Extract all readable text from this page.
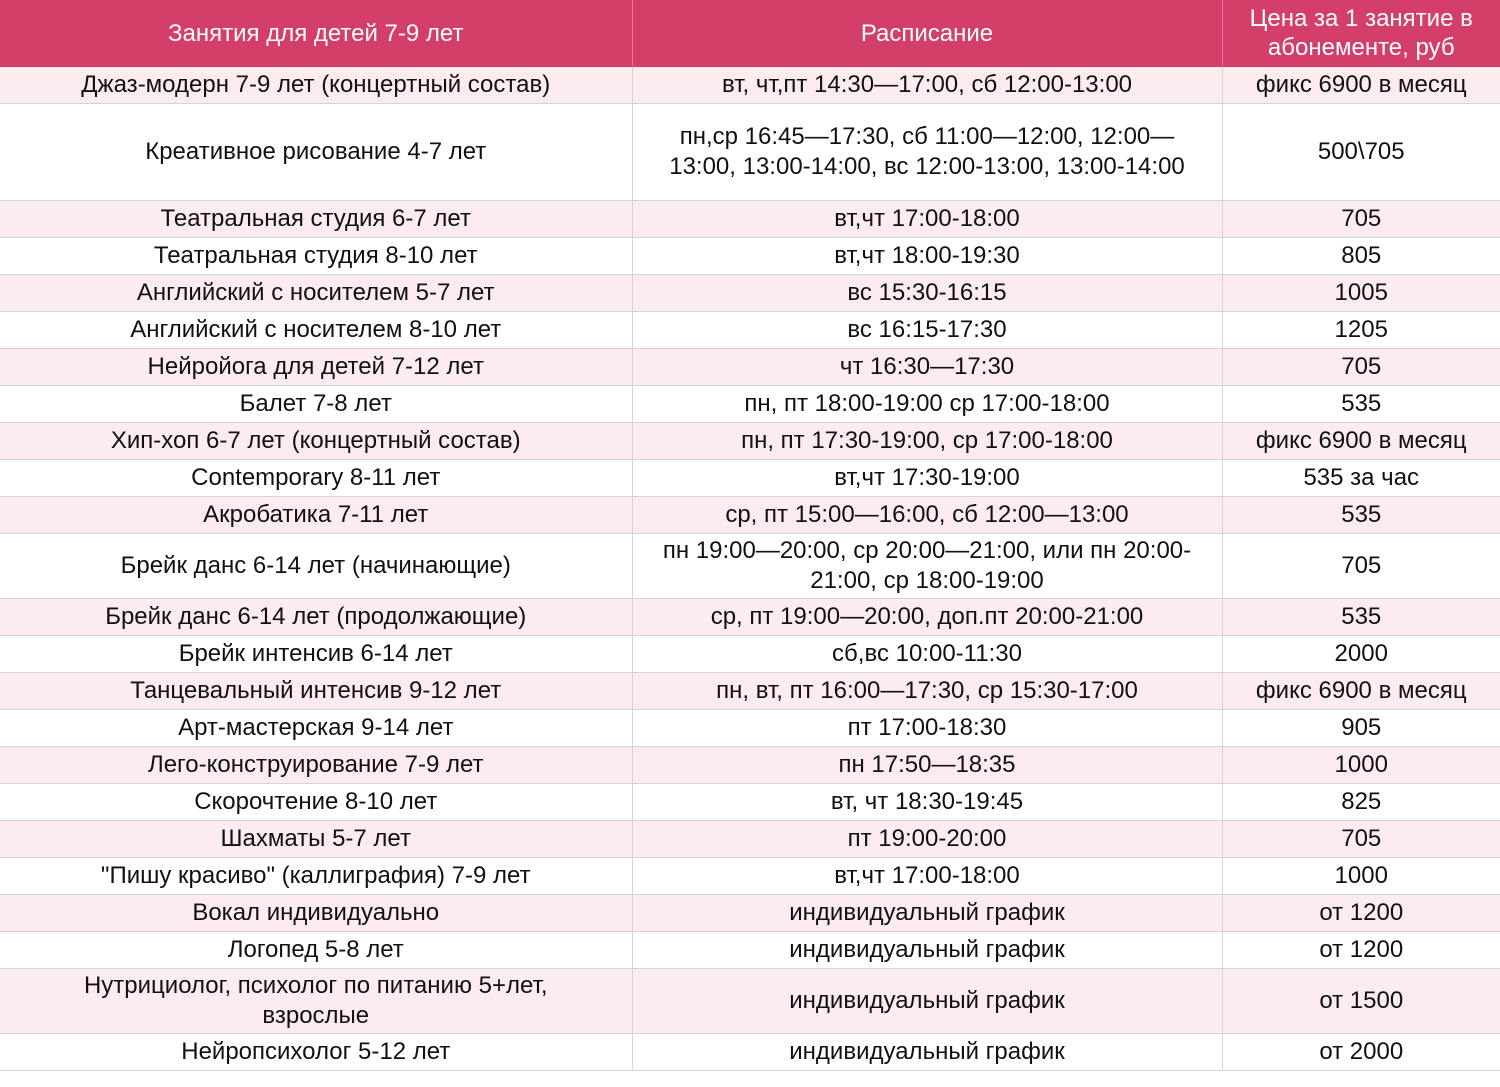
Занятия для детей 7-9 лет	Расписание	Цена за 1 занятие в абонементе, руб
Джаз-модерн 7-9 лет (концертный состав)	вт, чт,пт 14:30—17:00, сб 12:00-13:00	фикс 6900 в месяц
Креативное рисование 4-7 лет	пн,ср 16:45—17:30, сб 11:00—12:00, 12:00—13:00, 13:00-14:00, вс 12:00-13:00, 13:00-14:00	500\705
Театральная студия 6-7 лет	вт,чт 17:00-18:00	705
Театральная студия 8-10 лет	вт,чт 18:00-19:30	805
Английский с носителем 5-7 лет	вс 15:30-16:15	1005
Английский с носителем 8-10 лет	вс 16:15-17:30	1205
Нейройога для детей 7-12 лет	чт 16:30—17:30	705
Балет 7-8 лет	пн, пт 18:00-19:00 ср 17:00-18:00	535
Хип-хоп 6-7 лет (концертный состав)	пн, пт 17:30-19:00, ср 17:00-18:00	фикс 6900 в месяц
Contemporary 8-11 лет	вт,чт 17:30-19:00	535 за час
Акробатика 7-11 лет	ср, пт 15:00—16:00, сб 12:00—13:00	535
Брейк данс 6-14 лет (начинающие)	пн 19:00—20:00, ср 20:00—21:00, или пн 20:00-21:00, ср 18:00-19:00	705
Брейк данс 6-14 лет (продолжающие)	ср, пт 19:00—20:00, доп.пт 20:00-21:00	535
Брейк интенсив 6-14 лет	сб,вс 10:00-11:30	2000
Танцевальный интенсив 9-12 лет	пн, вт, пт 16:00—17:30, ср 15:30-17:00	фикс 6900 в месяц
Арт-мастерская 9-14 лет	пт 17:00-18:30	905
Лего-конструирование 7-9 лет	пн 17:50—18:35	1000
Скорочтение 8-10 лет	вт, чт 18:30-19:45	825
Шахматы 5-7 лет	пт 19:00-20:00	705
"Пишу красиво" (каллиграфия) 7-9 лет	вт,чт 17:00-18:00	1000
Вокал индивидуально	индивидуальный график	от 1200
Логопед 5-8 лет	индивидуальный график	от 1200
Нутрициолог, психолог по питанию 5+лет, взрослые	индивидуальный график	от 1500
Нейропсихолог 5-12 лет	индивидуальный график	от 2000
